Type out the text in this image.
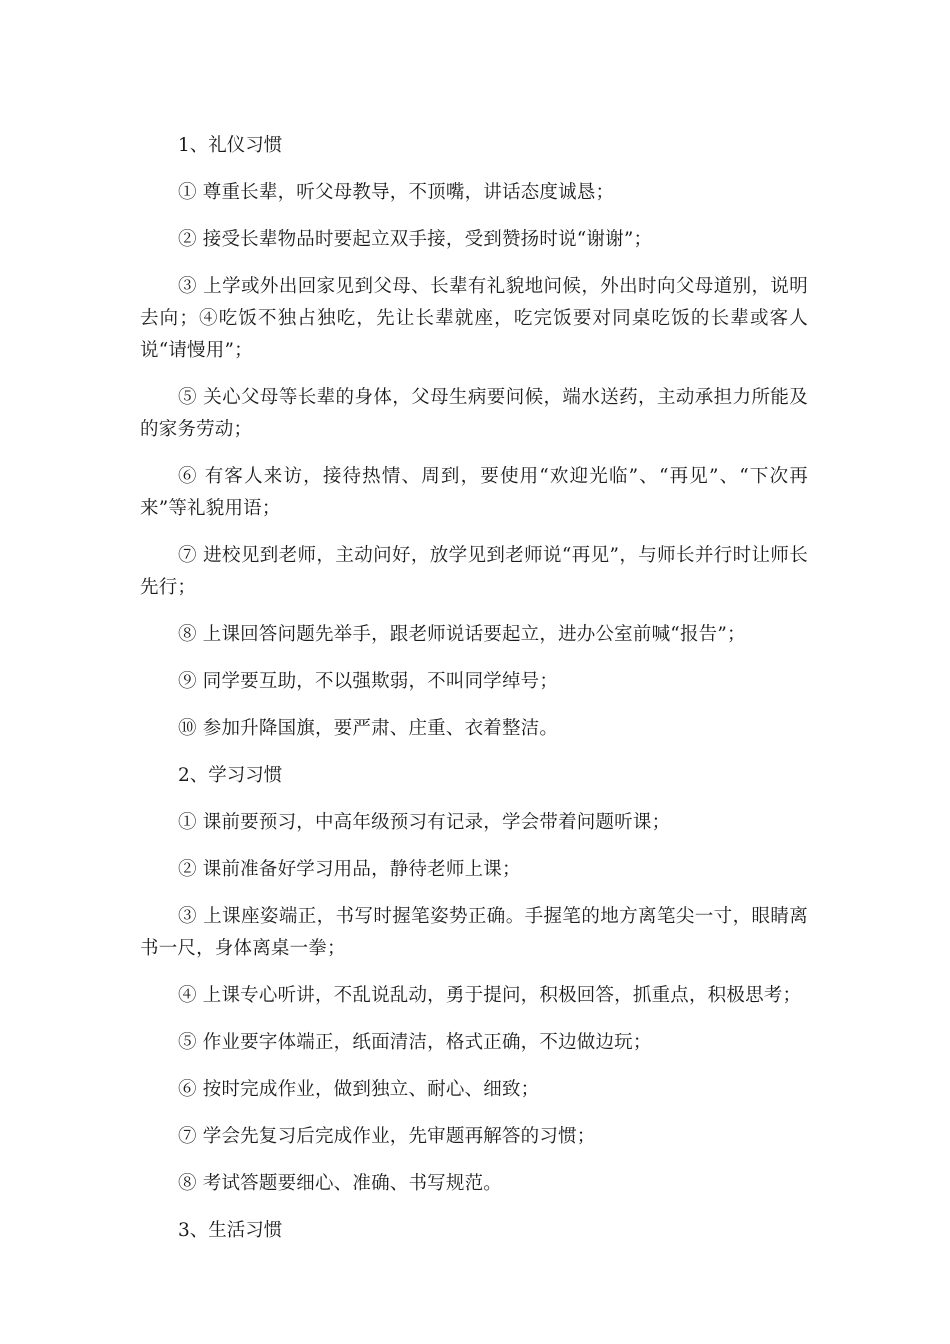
1、礼仪习惯

① 尊重长辈，听父母教导，不顶嘴，讲话态度诚恳；

② 接受长辈物品时要起立双手接，受到赞扬时说“谢谢”；

③ 上学或外出回家见到父母、长辈有礼貌地问候，外出时向父母道别，说明去向；④吃饭不独占独吃，先让长辈就座，吃完饭要对同桌吃饭的长辈或客人说“请慢用”；

⑤ 关心父母等长辈的身体，父母生病要问候，端水送药，主动承担力所能及的家务劳动；

⑥ 有客人来访，接待热情、周到，要使用“欢迎光临”、“再见”、“下次再来”等礼貌用语；

⑦ 进校见到老师，主动问好，放学见到老师说“再见”，与师长并行时让师长先行；

⑧ 上课回答问题先举手，跟老师说话要起立，进办公室前喊“报告”；

⑨ 同学要互助，不以强欺弱，不叫同学绰号；

⑩ 参加升降国旗，要严肃、庄重、衣着整洁。

2、学习习惯

① 课前要预习，中高年级预习有记录，学会带着问题听课；

② 课前准备好学习用品，静待老师上课；

③ 上课座姿端正，书写时握笔姿势正确。手握笔的地方离笔尖一寸，眼睛离书一尺，身体离桌一拳；

④ 上课专心听讲，不乱说乱动，勇于提问，积极回答，抓重点，积极思考；

⑤ 作业要字体端正，纸面清洁，格式正确，不边做边玩；

⑥ 按时完成作业，做到独立、耐心、细致；

⑦ 学会先复习后完成作业，先审题再解答的习惯；

⑧ 考试答题要细心、准确、书写规范。

3、生活习惯
